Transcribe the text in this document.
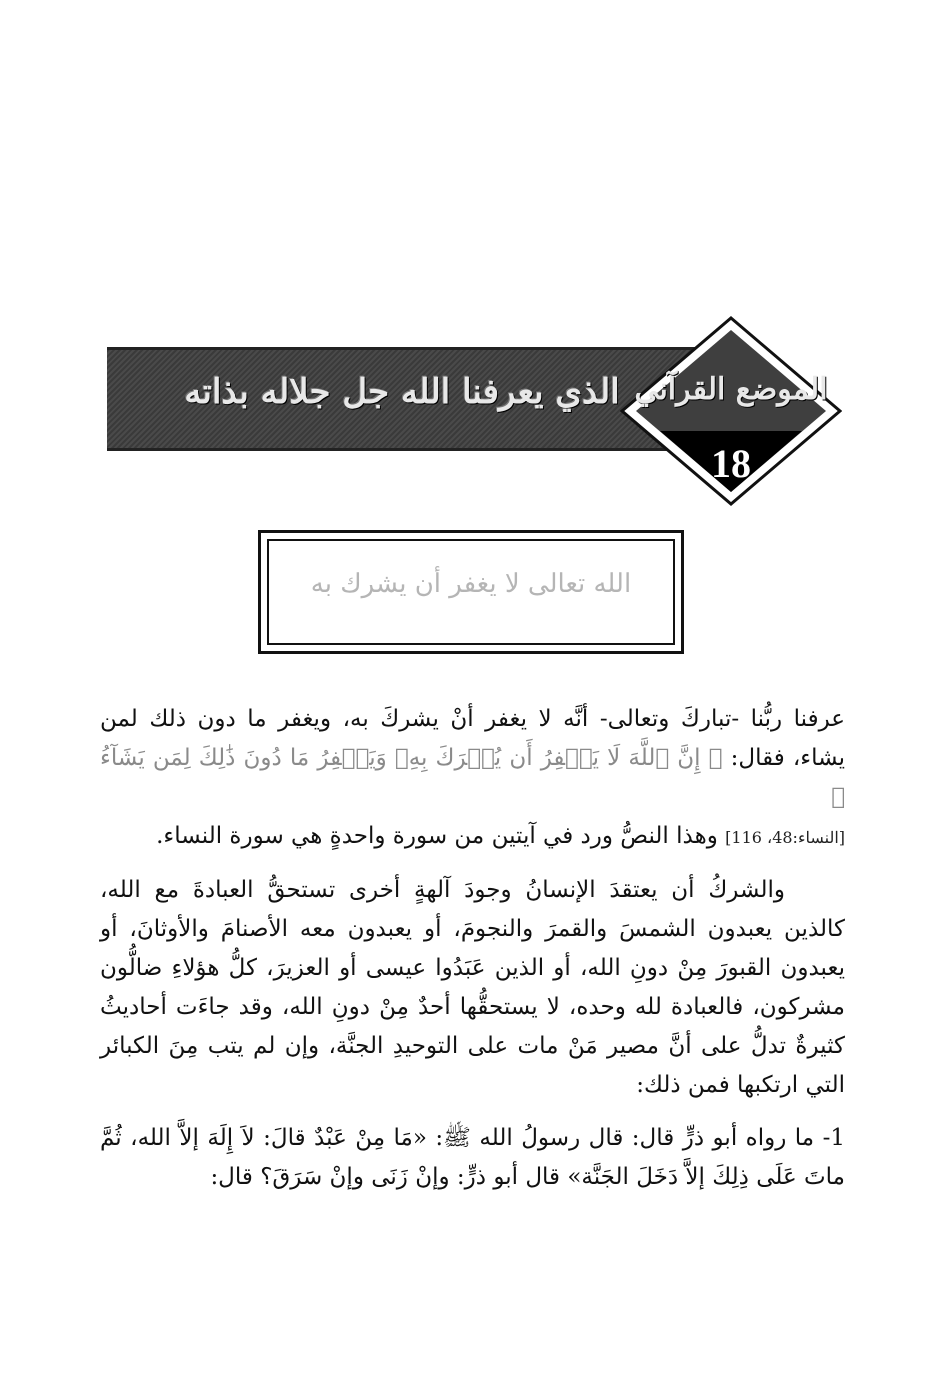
الذي يعرفنا الله جل جلاله بذاته الموضع القرآني
18
الله تعالى لا يغفر أن يشرك به

عرفنا ربُّنا -تباركَ وتعالى- أنَّه لا يغفر أنْ يشركَ به، ويغفر ما دون ذلك لمن يشاء، فقال: ﴿ إِنَّ ٱللَّهَ لَا يَغۡفِرُ أَن يُشۡرَكَ بِهِۦ وَيَغۡفِرُ مَا دُونَ ذَٰلِكَ لِمَن يَشَآءُ ﴾
[النساء:48، 116] وهذا النصُّ ورد في آيتين من سورة واحدةٍ هي سورة النساء.

والشركُ أن يعتقدَ الإنسانُ وجودَ آلهةٍ أخرى تستحقُّ العبادةَ مع الله، كالذين يعبدون الشمسَ والقمرَ والنجومَ، أو يعبدون معه الأصنامَ والأوثانَ، أو يعبدون القبورَ مِنْ دونِ الله، أو الذين عَبَدُوا عيسى أو العزيرَ، كلُّ هؤلاءِ ضالُّون مشركون، فالعبادة لله وحده، لا يستحقُّها أحدٌ مِنْ دونِ الله، وقد جاءَت أحاديثُ كثيرةٌ تدلُّ على أنَّ مصير مَنْ مات على التوحيدِ الجنَّة، وإن لم يتب مِنَ الكبائر التي ارتكبها فمن ذلك:

1- ما رواه أبو ذرٍّ قال: قال رسولُ الله ﷺ: «مَا مِنْ عَبْدٌ قالَ: لاَ إِلَهَ إلاَّ الله، ثُمَّ ماتَ عَلَى ذِلِكَ إلاَّ دَخَلَ الجَنَّة» قال أبو ذرٍّ: وإنْ زَنَى وإنْ سَرَقَ؟ قال:
